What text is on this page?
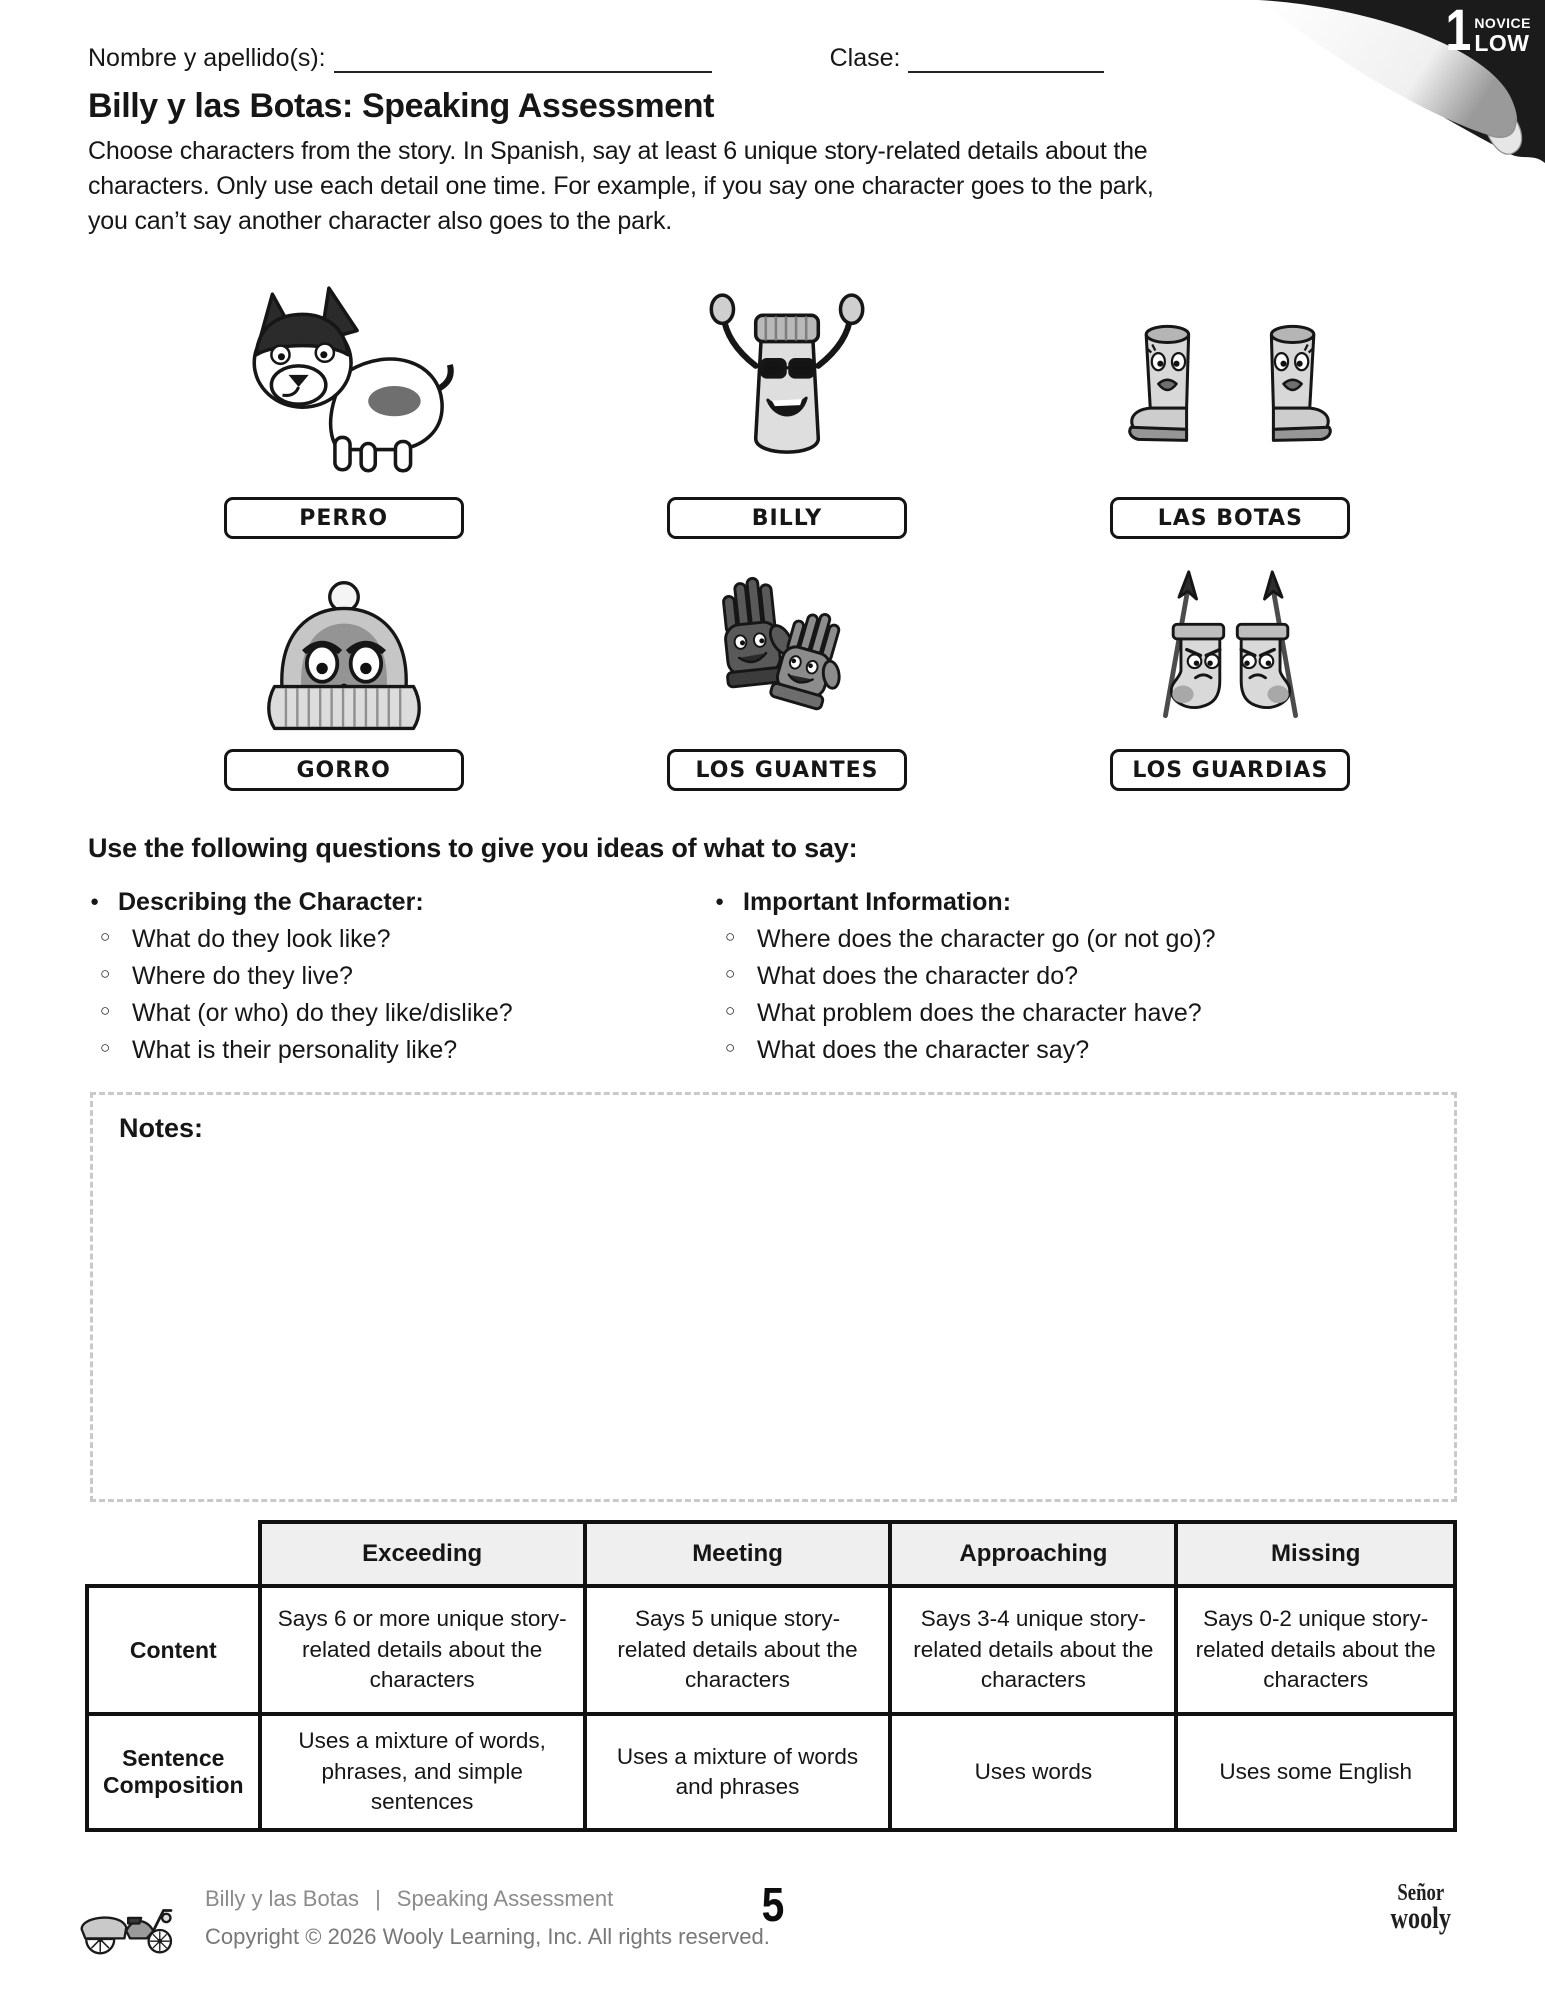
1 NOVICE
LOW
Nombre y apellido(s):	Clase:
Billy y las Botas: Speaking Assessment

Choose characters from the story. In Spanish, say at least 6 unique story-related details about the characters. Only use each detail one time. For example, if you say one character goes to the park, you can’t say another character also goes to the park.

PERRO	BILLY	LAS BOTAS
GORRO	LOS GUANTES	LOS GUARDIAS
Use the following questions to give you ideas of what to say:
● Describing the Character:
○ What do they look like?
○ Where do they live?
○ What (or who) do they like/dislike?
○ What is their personality like?
● Important Information:
○ Where does the character go (or not go)?
○ What does the character do?
○ What problem does the character have?
○ What does the character say?
Notes:
	Exceeding	Meeting	Approaching	Missing
Content	Says 6 or more unique story-related details about the characters	Says 5 unique story-related details about the characters	Says 3-4 unique story-related details about the characters	Says 0-2 unique story-related details about the characters
Sentence Composition	Uses a mixture of words, phrases, and simple sentences	Uses a mixture of words and phrases	Uses words	Uses some English
Billy y las Botas | Speaking Assessment
Copyright © 2026 Wooly Learning, Inc. All rights reserved.
5	Señor
wooly
